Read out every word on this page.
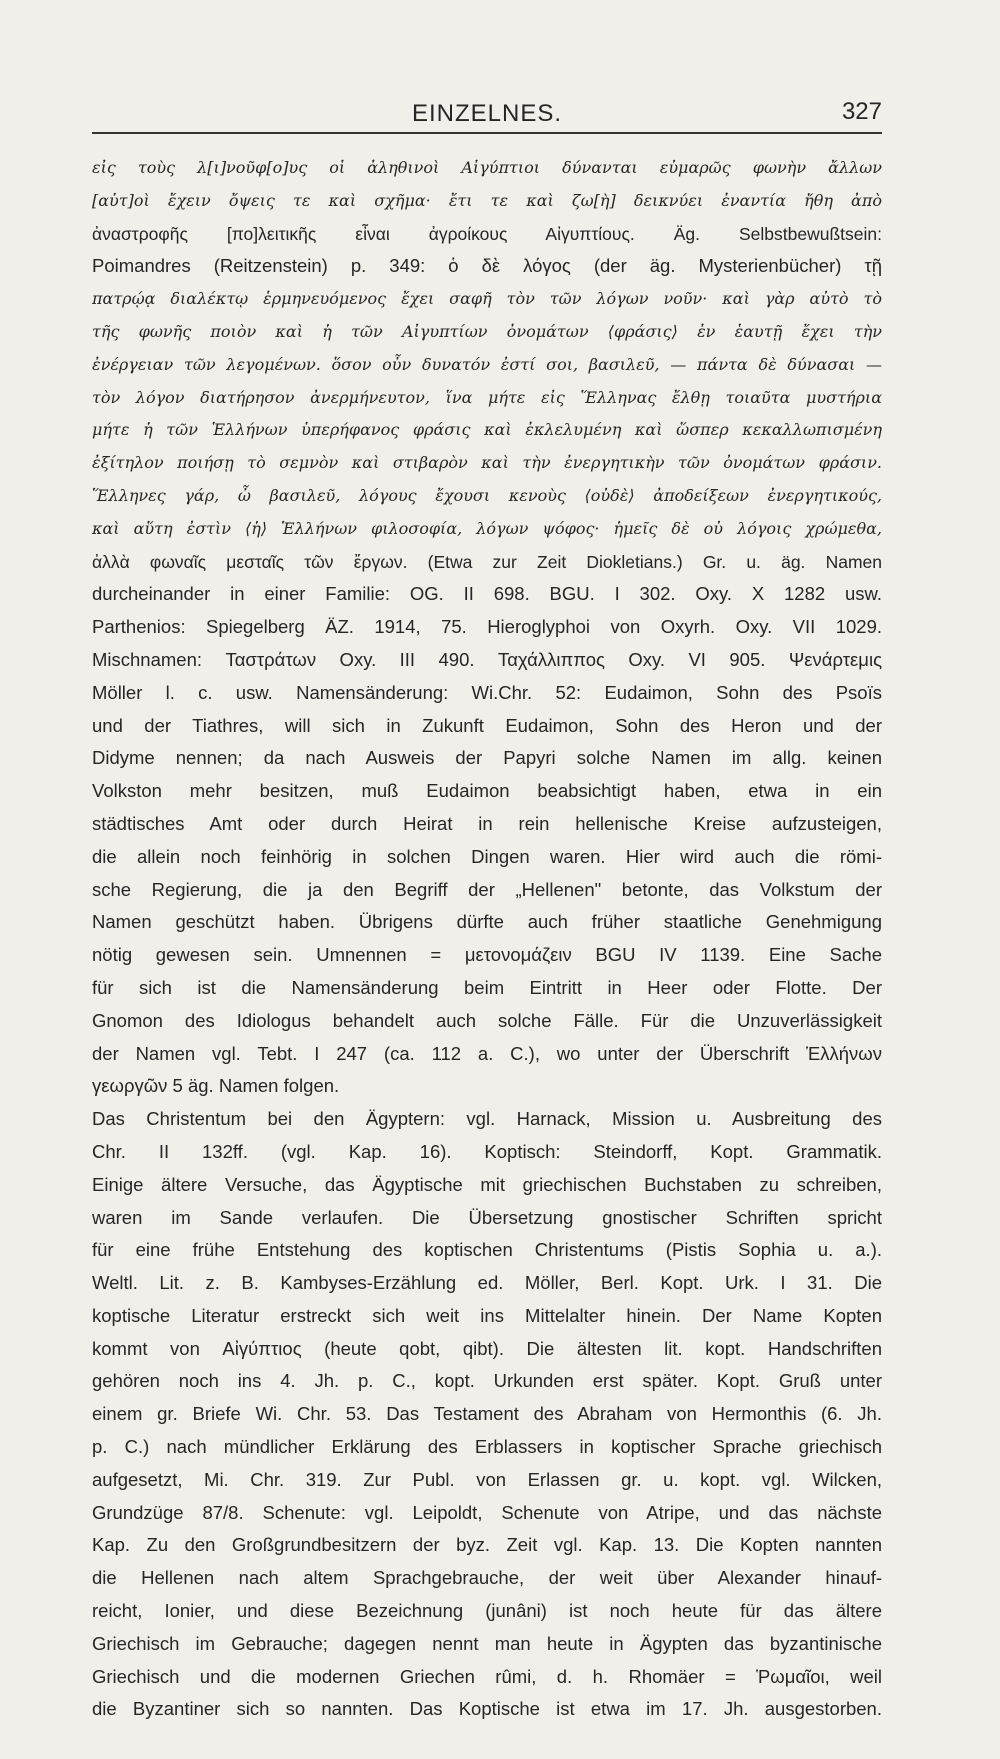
EINZELNES.	327
εἰς τοὺς λ[ι]νοῦφ[ο]υς οἱ ἀληθινοὶ Αἰγύπτιοι δύνανται εὐμαρῶς φωνὴν ἄλλων
[αὐτ]οὶ ἔχειν ὄψεις τε καὶ σχῆμα· ἔτι τε καὶ ζω[ὴ] δεικνύει ἐναντία ἤθη ἀπὸ
ἀναστροφῆς [πο]λειτικῆς εἶναι ἀγροίκους Αἰγυπτίους. Äg. Selbstbewußtsein:
Poimandres (Reitzenstein) p. 349: ὁ δὲ λόγος (der äg. Mysterienbücher) τῇ
πατρῴᾳ διαλέκτῳ ἑρμηνευόμενος ἔχει σαφῆ τὸν τῶν λόγων νοῦν· καὶ γὰρ αὐτὸ τὸ
τῆς φωνῆς ποιὸν καὶ ἡ τῶν Αἰγυπτίων ὀνομάτων ⟨φράσις⟩ ἐν ἑαυτῇ ἔχει τὴν
ἐνέργειαν τῶν λεγομένων. ὅσον οὖν δυνατόν ἐστί σοι, βασιλεῦ, — πάντα δὲ δύνασαι —
τὸν λόγον διατήρησον ἀνερμήνευτον, ἵνα μήτε εἰς Ἕλληνας ἔλθῃ τοιαῦτα μυστήρια
μήτε ἡ τῶν Ἑλλήνων ὑπερήφανος φράσις καὶ ἐκλελυμένη καὶ ὥσπερ κεκαλλωπισμένη
ἐξίτηλον ποιήσῃ τὸ σεμνὸν καὶ στιβαρὸν καὶ τὴν ἐνεργητικὴν τῶν ὀνομάτων φράσιν.
Ἕλληνες γάρ, ὦ βασιλεῦ, λόγους ἔχουσι κενοὺς ⟨οὐδὲ⟩ ἀποδείξεων ἐνεργητικούς,
καὶ αὕτη ἐστὶν ⟨ἡ⟩ Ἑλλήνων φιλοσοφία, λόγων ψόφος· ἡμεῖς δὲ οὐ λόγοις χρώμεθα,
ἀλλὰ φωναῖς μεσταῖς τῶν ἔργων. (Etwa zur Zeit Diokletians.) Gr. u. äg. Namen
durcheinander in einer Familie: OG. II 698. BGU. I 302. Oxy. X 1282 usw.
Parthenios: Spiegelberg ÄZ. 1914, 75. Hieroglyphoi von Oxyrh. Oxy. VII 1029.
Mischnamen: Ταστράτων Oxy. III 490. Ταχάλλιππος Oxy. VI 905. Ψενάρτεμις
Möller l. c. usw. Namensänderung: Wi.Chr. 52: Eudaimon, Sohn des Psoïs
und der Tiathres, will sich in Zukunft Eudaimon, Sohn des Heron und der
Didyme nennen; da nach Ausweis der Papyri solche Namen im allg. keinen
Volkston mehr besitzen, muß Eudaimon beabsichtigt haben, etwa in ein
städtisches Amt oder durch Heirat in rein hellenische Kreise aufzusteigen,
die allein noch feinhörig in solchen Dingen waren. Hier wird auch die römi-
sche Regierung, die ja den Begriff der „Hellenen" betonte, das Volkstum der
Namen geschützt haben. Übrigens dürfte auch früher staatliche Genehmigung
nötig gewesen sein. Umnennen = μετονομάζειν BGU IV 1139. Eine Sache
für sich ist die Namensänderung beim Eintritt in Heer oder Flotte. Der
Gnomon des Idiologus behandelt auch solche Fälle. Für die Unzuverlässigkeit
der Namen vgl. Tebt. I 247 (ca. 112 a. C.), wo unter der Überschrift Ἑλλήνων
γεωργῶν 5 äg. Namen folgen.
Das Christentum bei den Ägyptern: vgl. Harnack, Mission u. Ausbreitung des
Chr. II 132ff. (vgl. Kap. 16). Koptisch: Steindorff, Kopt. Grammatik.
Einige ältere Versuche, das Ägyptische mit griechischen Buchstaben zu schreiben,
waren im Sande verlaufen. Die Übersetzung gnostischer Schriften spricht
für eine frühe Entstehung des koptischen Christentums (Pistis Sophia u. a.).
Weltl. Lit. z. B. Kambyses-Erzählung ed. Möller, Berl. Kopt. Urk. I 31. Die
koptische Literatur erstreckt sich weit ins Mittelalter hinein. Der Name Kopten
kommt von Αἰγύπτιος (heute qobt, qibt). Die ältesten lit. kopt. Handschriften
gehören noch ins 4. Jh. p. C., kopt. Urkunden erst später. Kopt. Gruß unter
einem gr. Briefe Wi. Chr. 53. Das Testament des Abraham von Hermonthis (6. Jh.
p. C.) nach mündlicher Erklärung des Erblassers in koptischer Sprache griechisch
aufgesetzt, Mi. Chr. 319. Zur Publ. von Erlassen gr. u. kopt. vgl. Wilcken,
Grundzüge 87/8. Schenute: vgl. Leipoldt, Schenute von Atripe, und das nächste
Kap. Zu den Großgrundbesitzern der byz. Zeit vgl. Kap. 13. Die Kopten nannten
die Hellenen nach altem Sprachgebrauche, der weit über Alexander hinauf-
reicht, Ionier, und diese Bezeichnung (junâni) ist noch heute für das ältere
Griechisch im Gebrauche; dagegen nennt man heute in Ägypten das byzantinische
Griechisch und die modernen Griechen rûmi, d. h. Rhomäer = Ῥωμαῖοι, weil
die Byzantiner sich so nannten. Das Koptische ist etwa im 17. Jh. ausgestorben.
